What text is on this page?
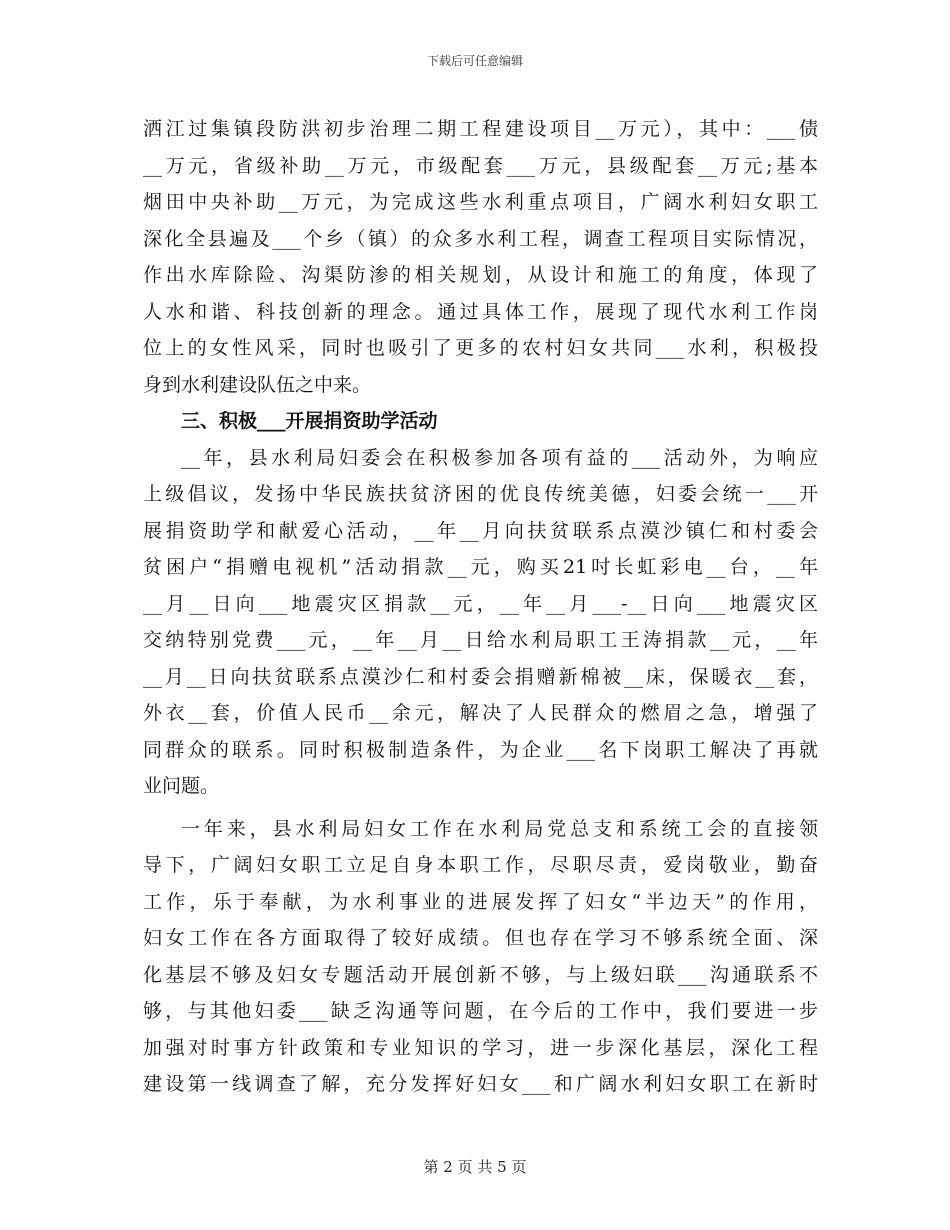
下载后可任意编辑
洒江过集镇段防洪初步治理二期工程建设项目__万元），其中：___债
__万元，省级补助__万元，市级配套___万元，县级配套__万元;基本
烟田中央补助__万元，为完成这些水利重点项目，广阔水利妇女职工
深化全县遍及___个乡（镇）的众多水利工程，调查工程项目实际情况，
作出水库除险、沟渠防渗的相关规划，从设计和施工的角度，体现了
人水和谐、科技创新的理念。通过具体工作，展现了现代水利工作岗
位上的女性风采，同时也吸引了更多的农村妇女共同___水利，积极投
身到水利建设队伍之中来。
三、积极___开展捐资助学活动
__年，县水利局妇委会在积极参加各项有益的___活动外，为响应
上级倡议，发扬中华民族扶贫济困的优良传统美德，妇委会统一___开
展捐资助学和献爱心活动，__年__月向扶贫联系点漠沙镇仁和村委会
贫困户“捐赠电视机”活动捐款__元，购买21吋长虹彩电__台，__年
__月__日向___地震灾区捐款__元，__年__月___-__日向___地震灾区
交纳特别党费___元，__年__月__日给水利局职工王涛捐款__元，__年
__月__日向扶贫联系点漠沙仁和村委会捐赠新棉被__床，保暖衣__套，
外衣__套，价值人民币__余元，解决了人民群众的燃眉之急，增强了
同群众的联系。同时积极制造条件，为企业___名下岗职工解决了再就
业问题。
一年来，县水利局妇女工作在水利局党总支和系统工会的直接领
导下，广阔妇女职工立足自身本职工作，尽职尽责，爱岗敬业，勤奋
工作，乐于奉献，为水利事业的进展发挥了妇女“半边天”的作用，
妇女工作在各方面取得了较好成绩。但也存在学习不够系统全面、深
化基层不够及妇女专题活动开展创新不够，与上级妇联___沟通联系不
够，与其他妇委___缺乏沟通等问题，在今后的工作中，我们要进一步
加强对时事方针政策和专业知识的学习，进一步深化基层，深化工程
建设第一线调查了解，充分发挥好妇女___和广阔水利妇女职工在新时
第 2 页 共 5 页
